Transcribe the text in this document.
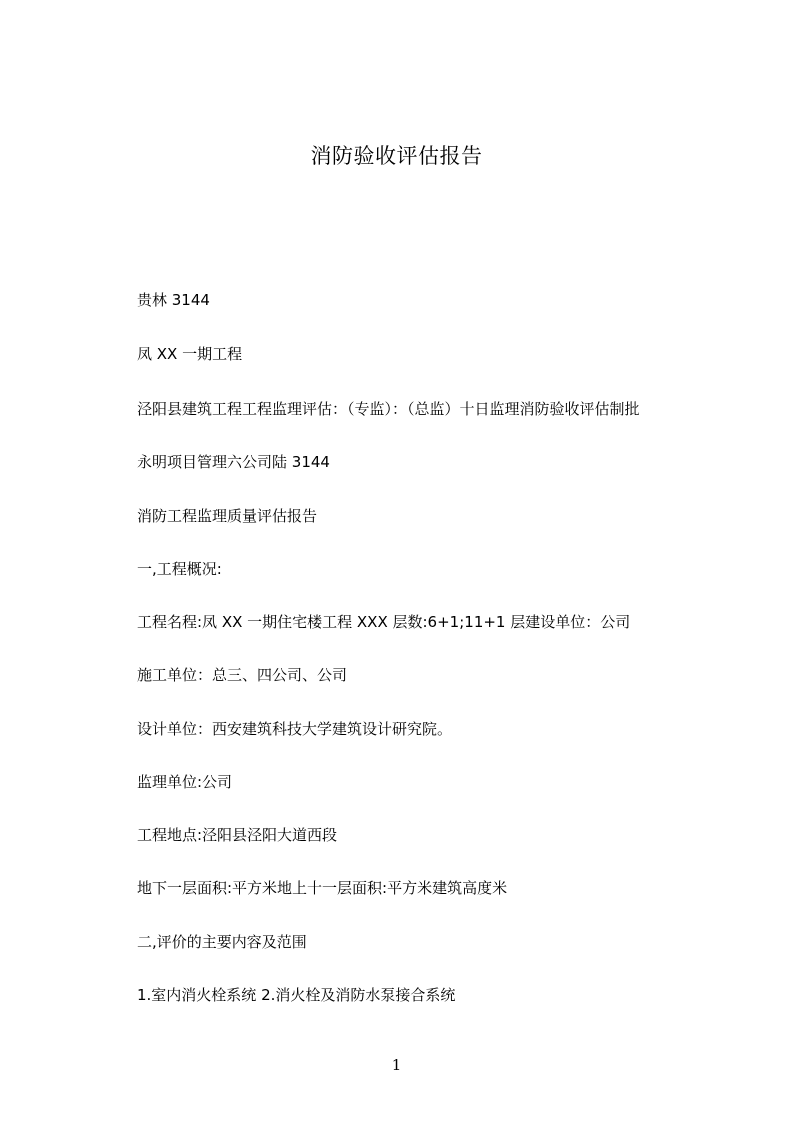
消防验收评估报告
贵林 3144
凤 XX 一期工程
泾阳县建筑工程工程监理评估：（专监）：（总监）十日监理消防验收评估制批
永明项目管理六公司陆 3144
消防工程监理质量评估报告
一,工程概况:
工程名程:凤 XX 一期住宅楼工程 XXX 层数:6+1;11+1 层建设单位：公司
施工单位：总三、四公司、公司
设计单位：西安建筑科技大学建筑设计研究院。
监理单位:公司
工程地点:泾阳县泾阳大道西段
地下一层面积:平方米地上十一层面积:平方米建筑高度米
二,评价的主要内容及范围
1.室内消火栓系统 2.消火栓及消防水泵接合系统
1
